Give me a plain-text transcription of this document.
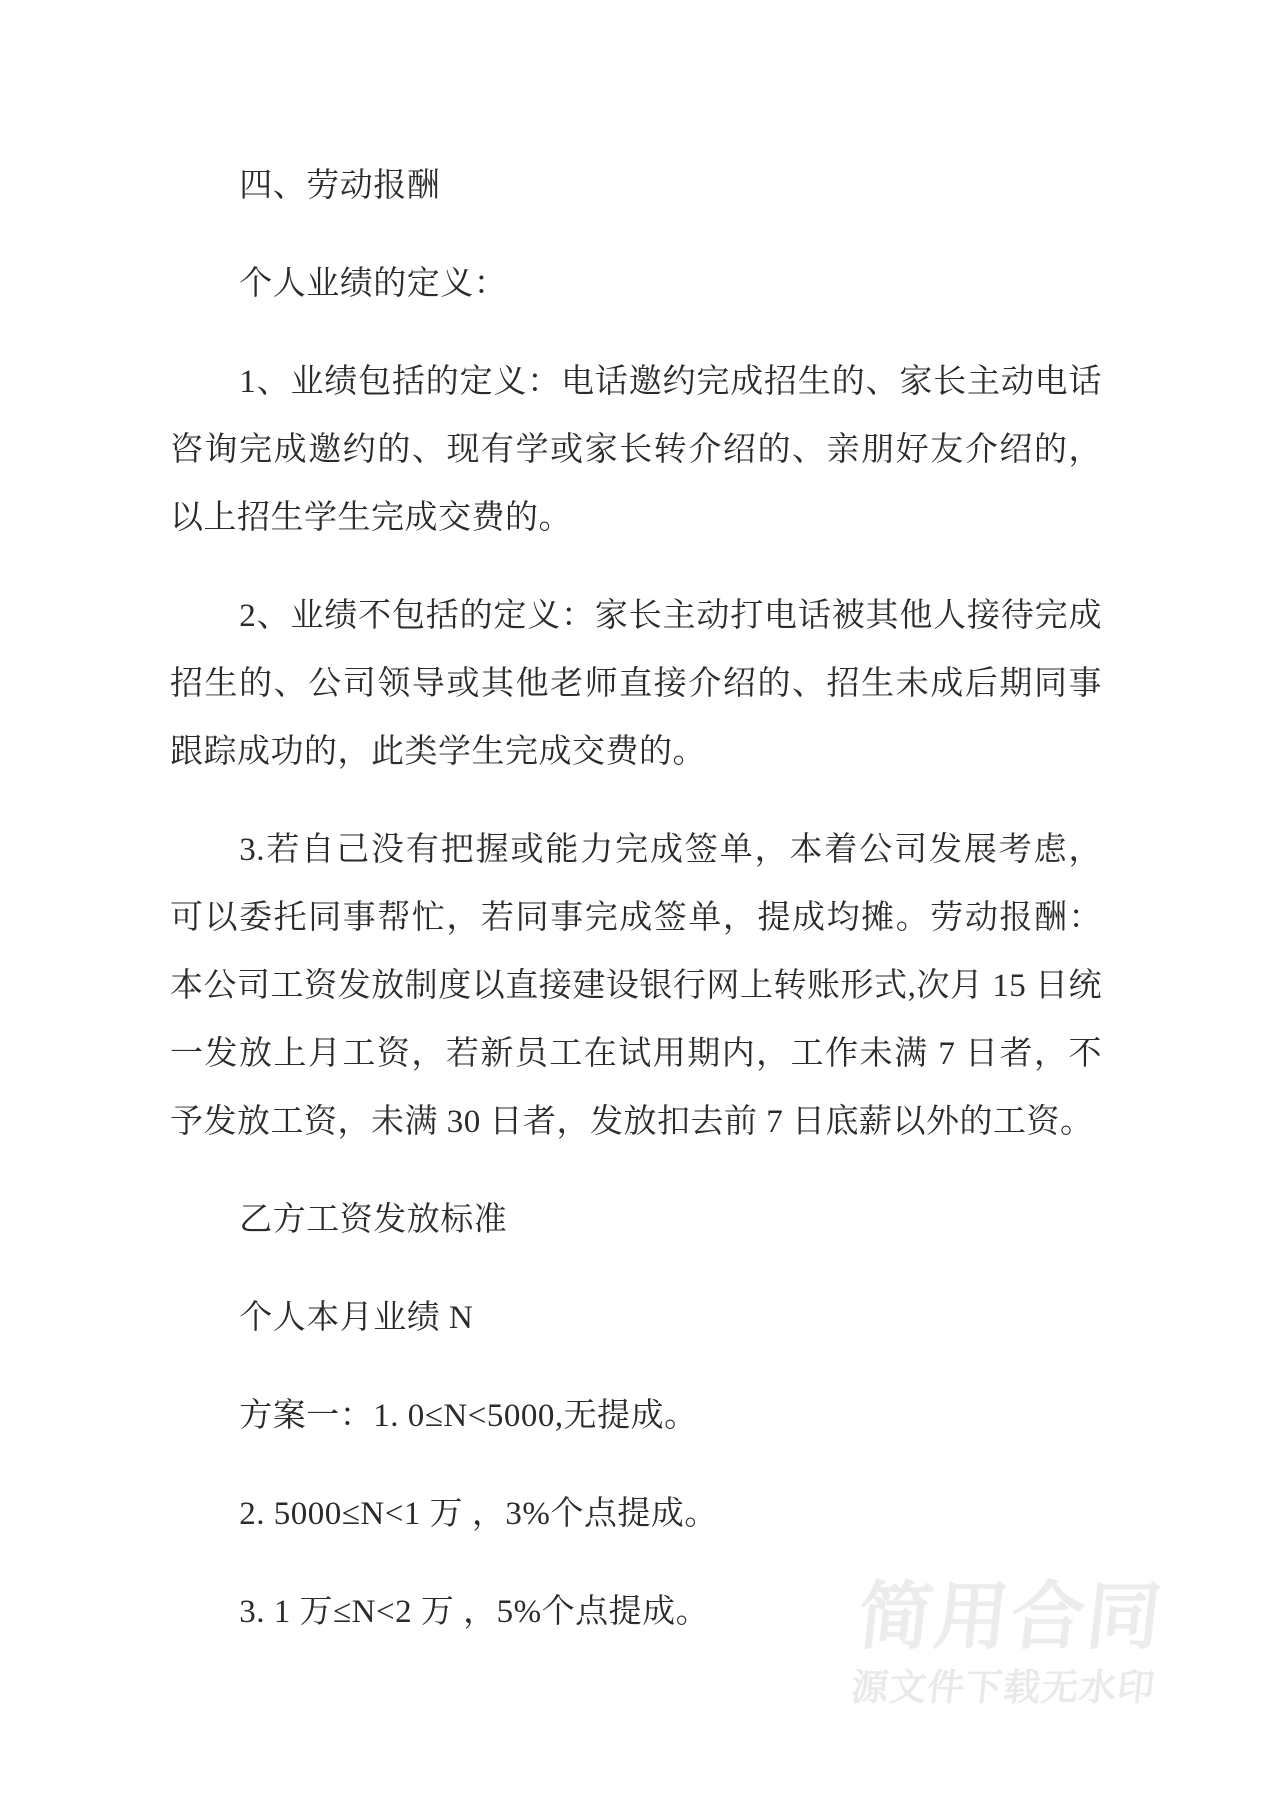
四、劳动报酬

个人业绩的定义：

1、业绩包括的定义：电话邀约完成招生的、家长主动电话咨询完成邀约的、现有学或家长转介绍的、亲朋好友介绍的，以上招生学生完成交费的。

2、业绩不包括的定义：家长主动打电话被其他人接待完成招生的、公司领导或其他老师直接介绍的、招生未成后期同事跟踪成功的，此类学生完成交费的。

3.若自己没有把握或能力完成签单，本着公司发展考虑，可以委托同事帮忙，若同事完成签单，提成均摊。劳动报酬：本公司工资发放制度以直接建设银行网上转账形式,次月 15 日统一发放上月工资，若新员工在试用期内，工作未满 7 日者，不予发放工资，未满 30 日者，发放扣去前 7 日底薪以外的工资。

乙方工资发放标准

个人本月业绩 N

方案一：1. 0≤N<5000,无提成。

2. 5000≤N<1 万 ，3%个点提成。

3. 1 万≤N<2 万 ，5%个点提成。	简用合同
源文件下载无水印
